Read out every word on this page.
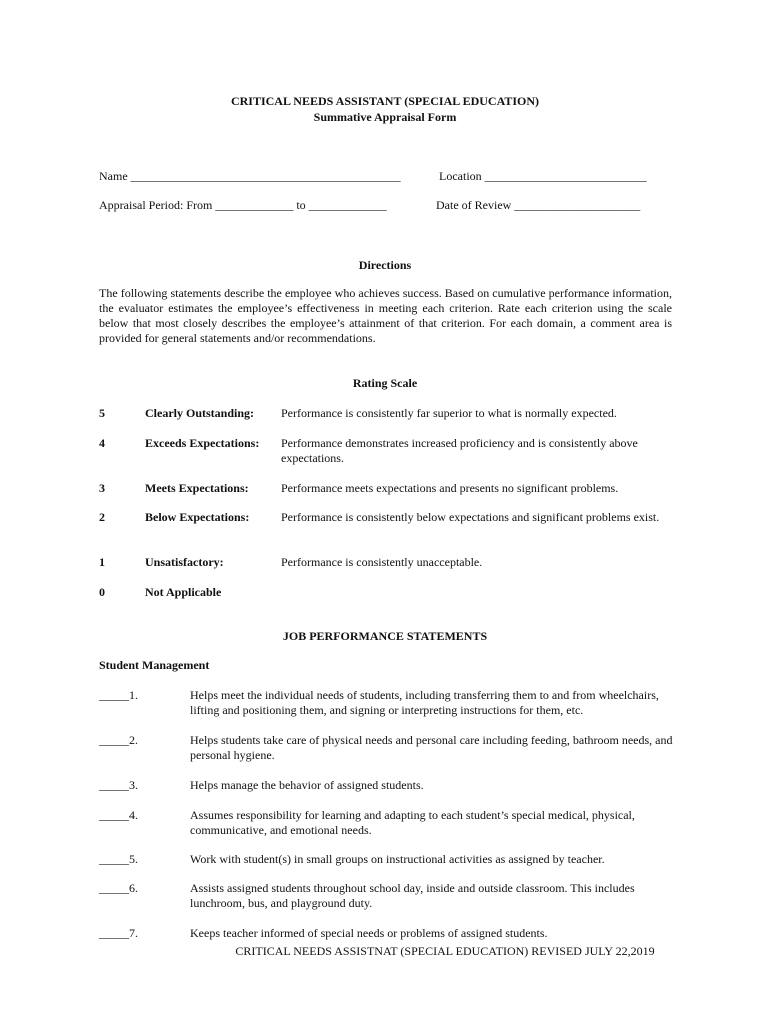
CRITICAL NEEDS ASSISTANT (SPECIAL EDUCATION)
Summative Appraisal Form
Name _____________________________________________	Location ___________________________
Appraisal Period: From _____________ to _____________	Date of Review _____________________
Directions
The following statements describe the employee who achieves success. Based on cumulative performance information, the evaluator estimates the employee’s effectiveness in meeting each criterion. Rate each criterion using the scale below that most closely describes the employee’s attainment of that criterion. For each domain, a comment area is provided for general statements and/or recommendations.
Rating Scale
5	Clearly Outstanding: Performance is consistently far superior to what is normally expected.
4	Exceeds Expectations: Performance demonstrates increased proficiency and is consistently above expectations.
3	Meets Expectations:	Performance meets expectations and presents no significant problems.
2	Below Expectations:	Performance is consistently below expectations and significant problems exist.
1	Unsatisfactory:	Performance is consistently unacceptable.
0	Not Applicable
JOB PERFORMANCE STATEMENTS
Student Management
_____1.	Helps meet the individual needs of students, including transferring them to and from wheelchairs, lifting and positioning them, and signing or interpreting instructions for them, etc.
_____2.	Helps students take care of physical needs and personal care including feeding, bathroom needs, and personal hygiene.
_____3.	Helps manage the behavior of assigned students.
_____4.	Assumes responsibility for learning and adapting to each student’s special medical, physical, communicative, and emotional needs.
_____5.	Work with student(s) in small groups on instructional activities as assigned by teacher.
_____6.	Assists assigned students throughout school day, inside and outside classroom. This includes lunchroom, bus, and playground duty.
_____7.	Keeps teacher informed of special needs or problems of assigned students.
CRITICAL NEEDS ASSISTNAT (SPECIAL EDUCATION) REVISED JULY 22,2019
